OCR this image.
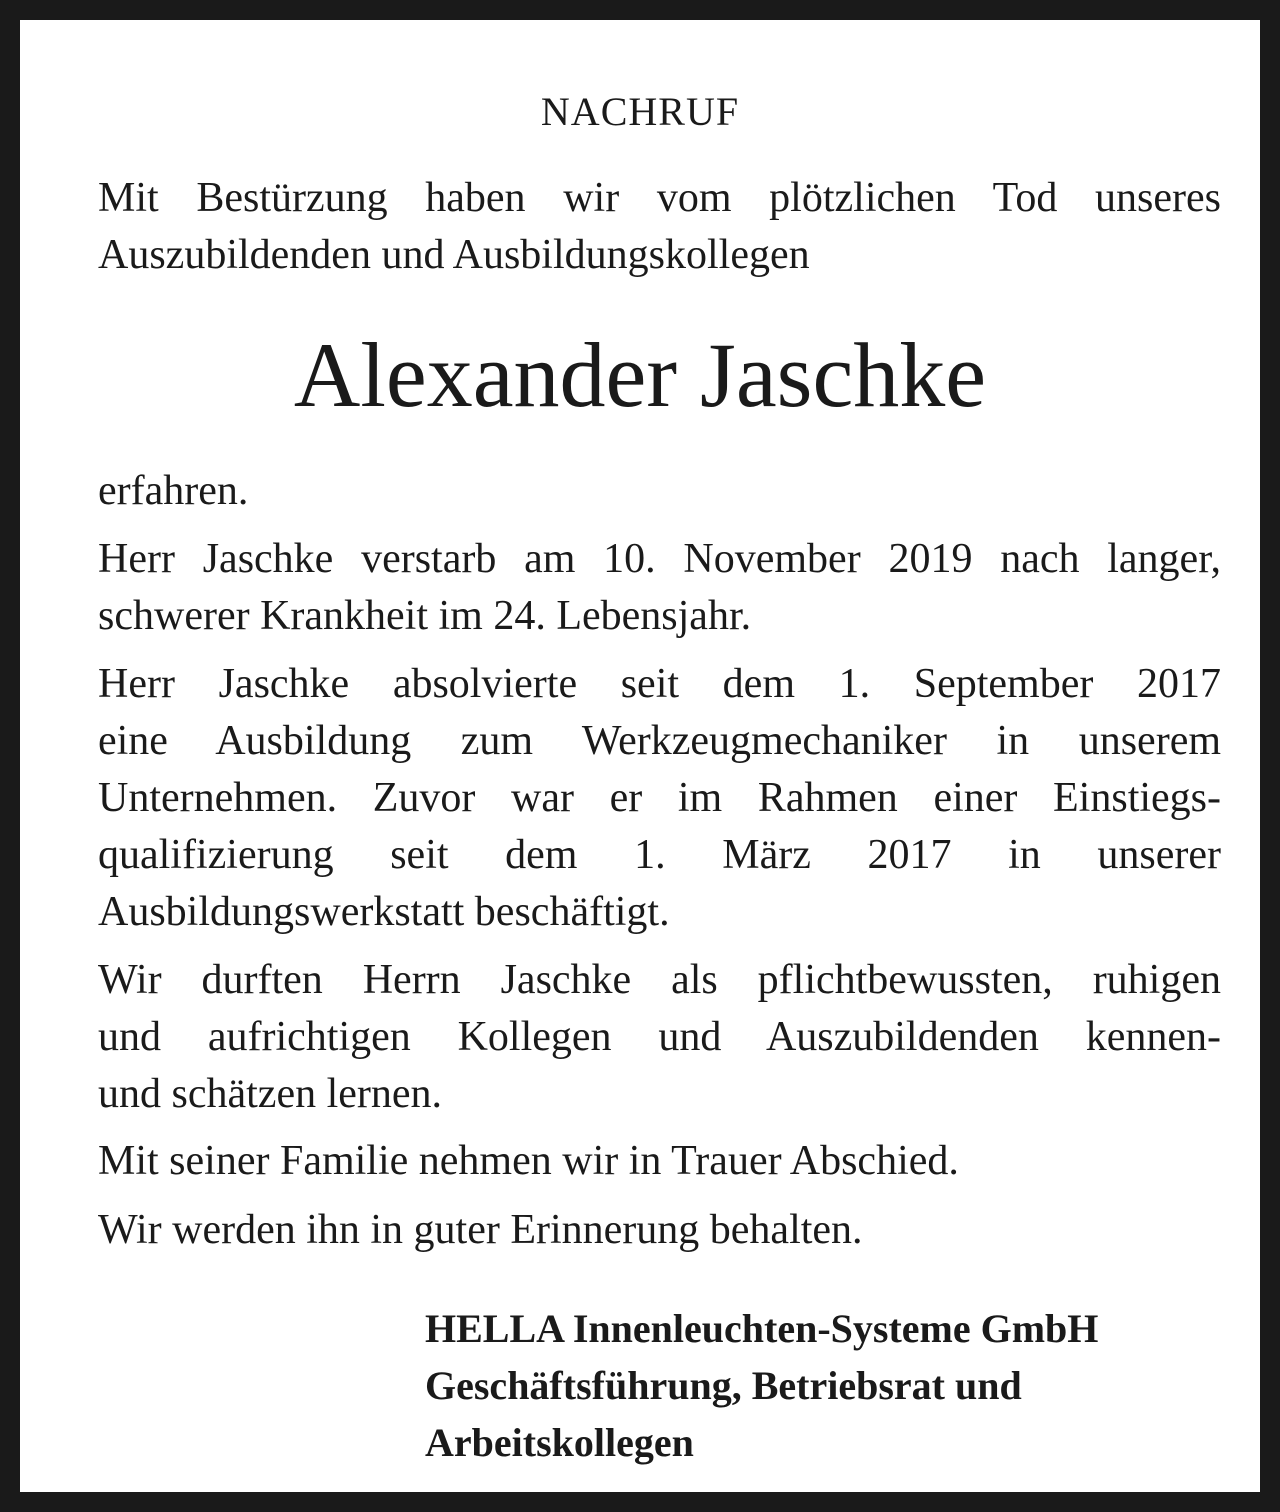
NACHRUF
Mit Bestürzung haben wir vom plötzlichen Tod unseres
Auszubildenden und Ausbildungskollegen
Alexander Jaschke
erfahren.
Herr Jaschke verstarb am 10. November 2019 nach langer,
schwerer Krankheit im 24. Lebensjahr.
Herr Jaschke absolvierte seit dem 1. September 2017
eine Ausbildung zum Werkzeugmechaniker in unserem
Unternehmen. Zuvor war er im Rahmen einer Einstiegs-
qualifizierung seit dem 1. März 2017 in unserer
Ausbildungswerkstatt beschäftigt.
Wir durften Herrn Jaschke als pflichtbewussten, ruhigen
und aufrichtigen Kollegen und Auszubildenden kennen-
und schätzen lernen.
Mit seiner Familie nehmen wir in Trauer Abschied.
Wir werden ihn in guter Erinnerung behalten.
HELLA Innenleuchten-Systeme GmbH
Geschäftsführung, Betriebsrat und
Arbeitskollegen
